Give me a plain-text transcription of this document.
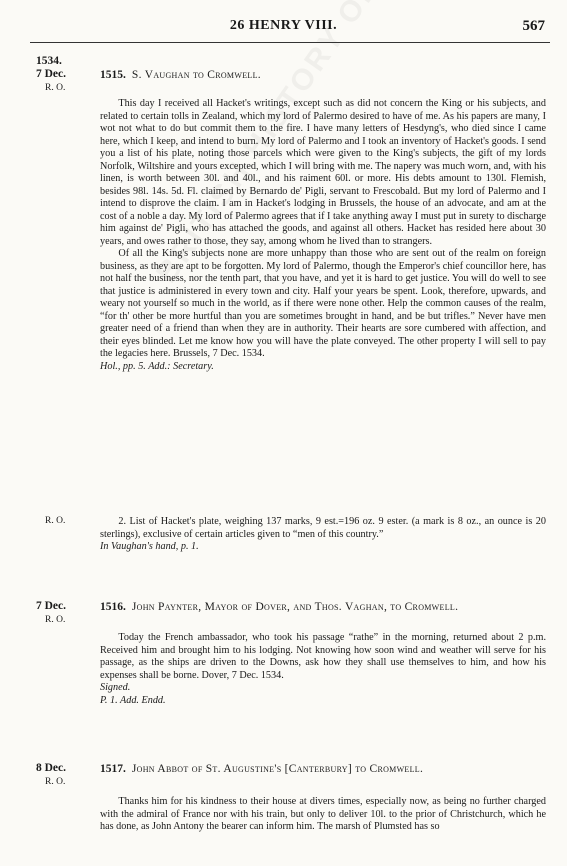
26 HENRY VIII.	567
1534.
7 Dec.
R. O.
1515. S. Vaughan to Cromwell.

This day I received all Hacket's writings, except such as did not concern the King or his subjects, and related to certain tolls in Zealand, which my lord of Palermo desired to have of me. As his papers are many, I wot not what to do but commit them to the fire. I have many letters of Hesdyng's, who died since I came here, which I keep, and intend to burn. My lord of Palermo and I took an inventory of Hacket's goods. I send you a list of his plate, noting those parcels which were given to the King's subjects, the gift of my lords Norfolk, Wiltshire and yours excepted, which I will bring with me. The napery was much worn, and, with his linen, is worth between 30l. and 40l., and his raiment 60l. or more. His debts amount to 130l. Flemish, besides 98l. 14s. 5d. Fl. claimed by Bernardo de' Pigli, servant to Frescobald. But my lord of Palermo and I intend to disprove the claim. I am in Hacket's lodging in Brussels, the house of an advocate, and am at the cost of a noble a day. My lord of Palermo agrees that if I take anything away I must put in surety to discharge him against de' Pigli, who has attached the goods, and against all others. Hacket has resided here about 30 years, and owes rather to those, they say, among whom he lived than to strangers.

Of all the King's subjects none are more unhappy than those who are sent out of the realm on foreign business, as they are apt to be forgotten. My lord of Palermo, though the Emperor's chief councillor here, has not half the business, nor the tenth part, that you have, and yet it is hard to get justice. You will do well to see that justice is administered in every town and city. Half your years be spent. Look, therefore, upwards, and weary not yourself so much in the world, as if there were none other. Help the common causes of the realm, “for th' other be more hurtful than you are sometimes brought in hand, and be but trifles.” Never have men greater need of a friend than when they are in authority. Their hearts are sore cumbered with affection, and their eyes blinded. Let me know how you will have the plate conveyed. The other property I will sell to pay the legacies here. Brussels, 7 Dec. 1534.

Hol., pp. 5. Add.: Secretary.

R. O.	2. List of Hacket's plate, weighing 137 marks, 9 est.=196 oz. 9 ester. (a mark is 8 oz., an ounce is 20 sterlings), exclusive of certain articles given to “men of this country.”

In Vaughan's hand, p. 1.

7 Dec.
R. O.
1516. John Paynter, Mayor of Dover, and Thos. Vaghan, to Cromwell.

Today the French ambassador, who took his passage “rathe” in the morning, returned about 2 p.m. Received him and brought him to his lodging. Not knowing how soon wind and weather will serve for his passage, as the ships are driven to the Downs, ask how they shall use themselves to him, and how his expenses shall be borne. Dover, 7 Dec. 1534.

Signed.

P. 1. Add. Endd.

8 Dec.
R. O.
1517. John Abbot of St. Augustine's [Canterbury] to Cromwell.

Thanks him for his kindness to their house at divers times, especially now, as being no further charged with the admiral of France nor with his train, but only to deliver 10l. to the prior of Christchurch, which he has done, as John Antony the bearer can inform him. The marsh of Plumsted has so
